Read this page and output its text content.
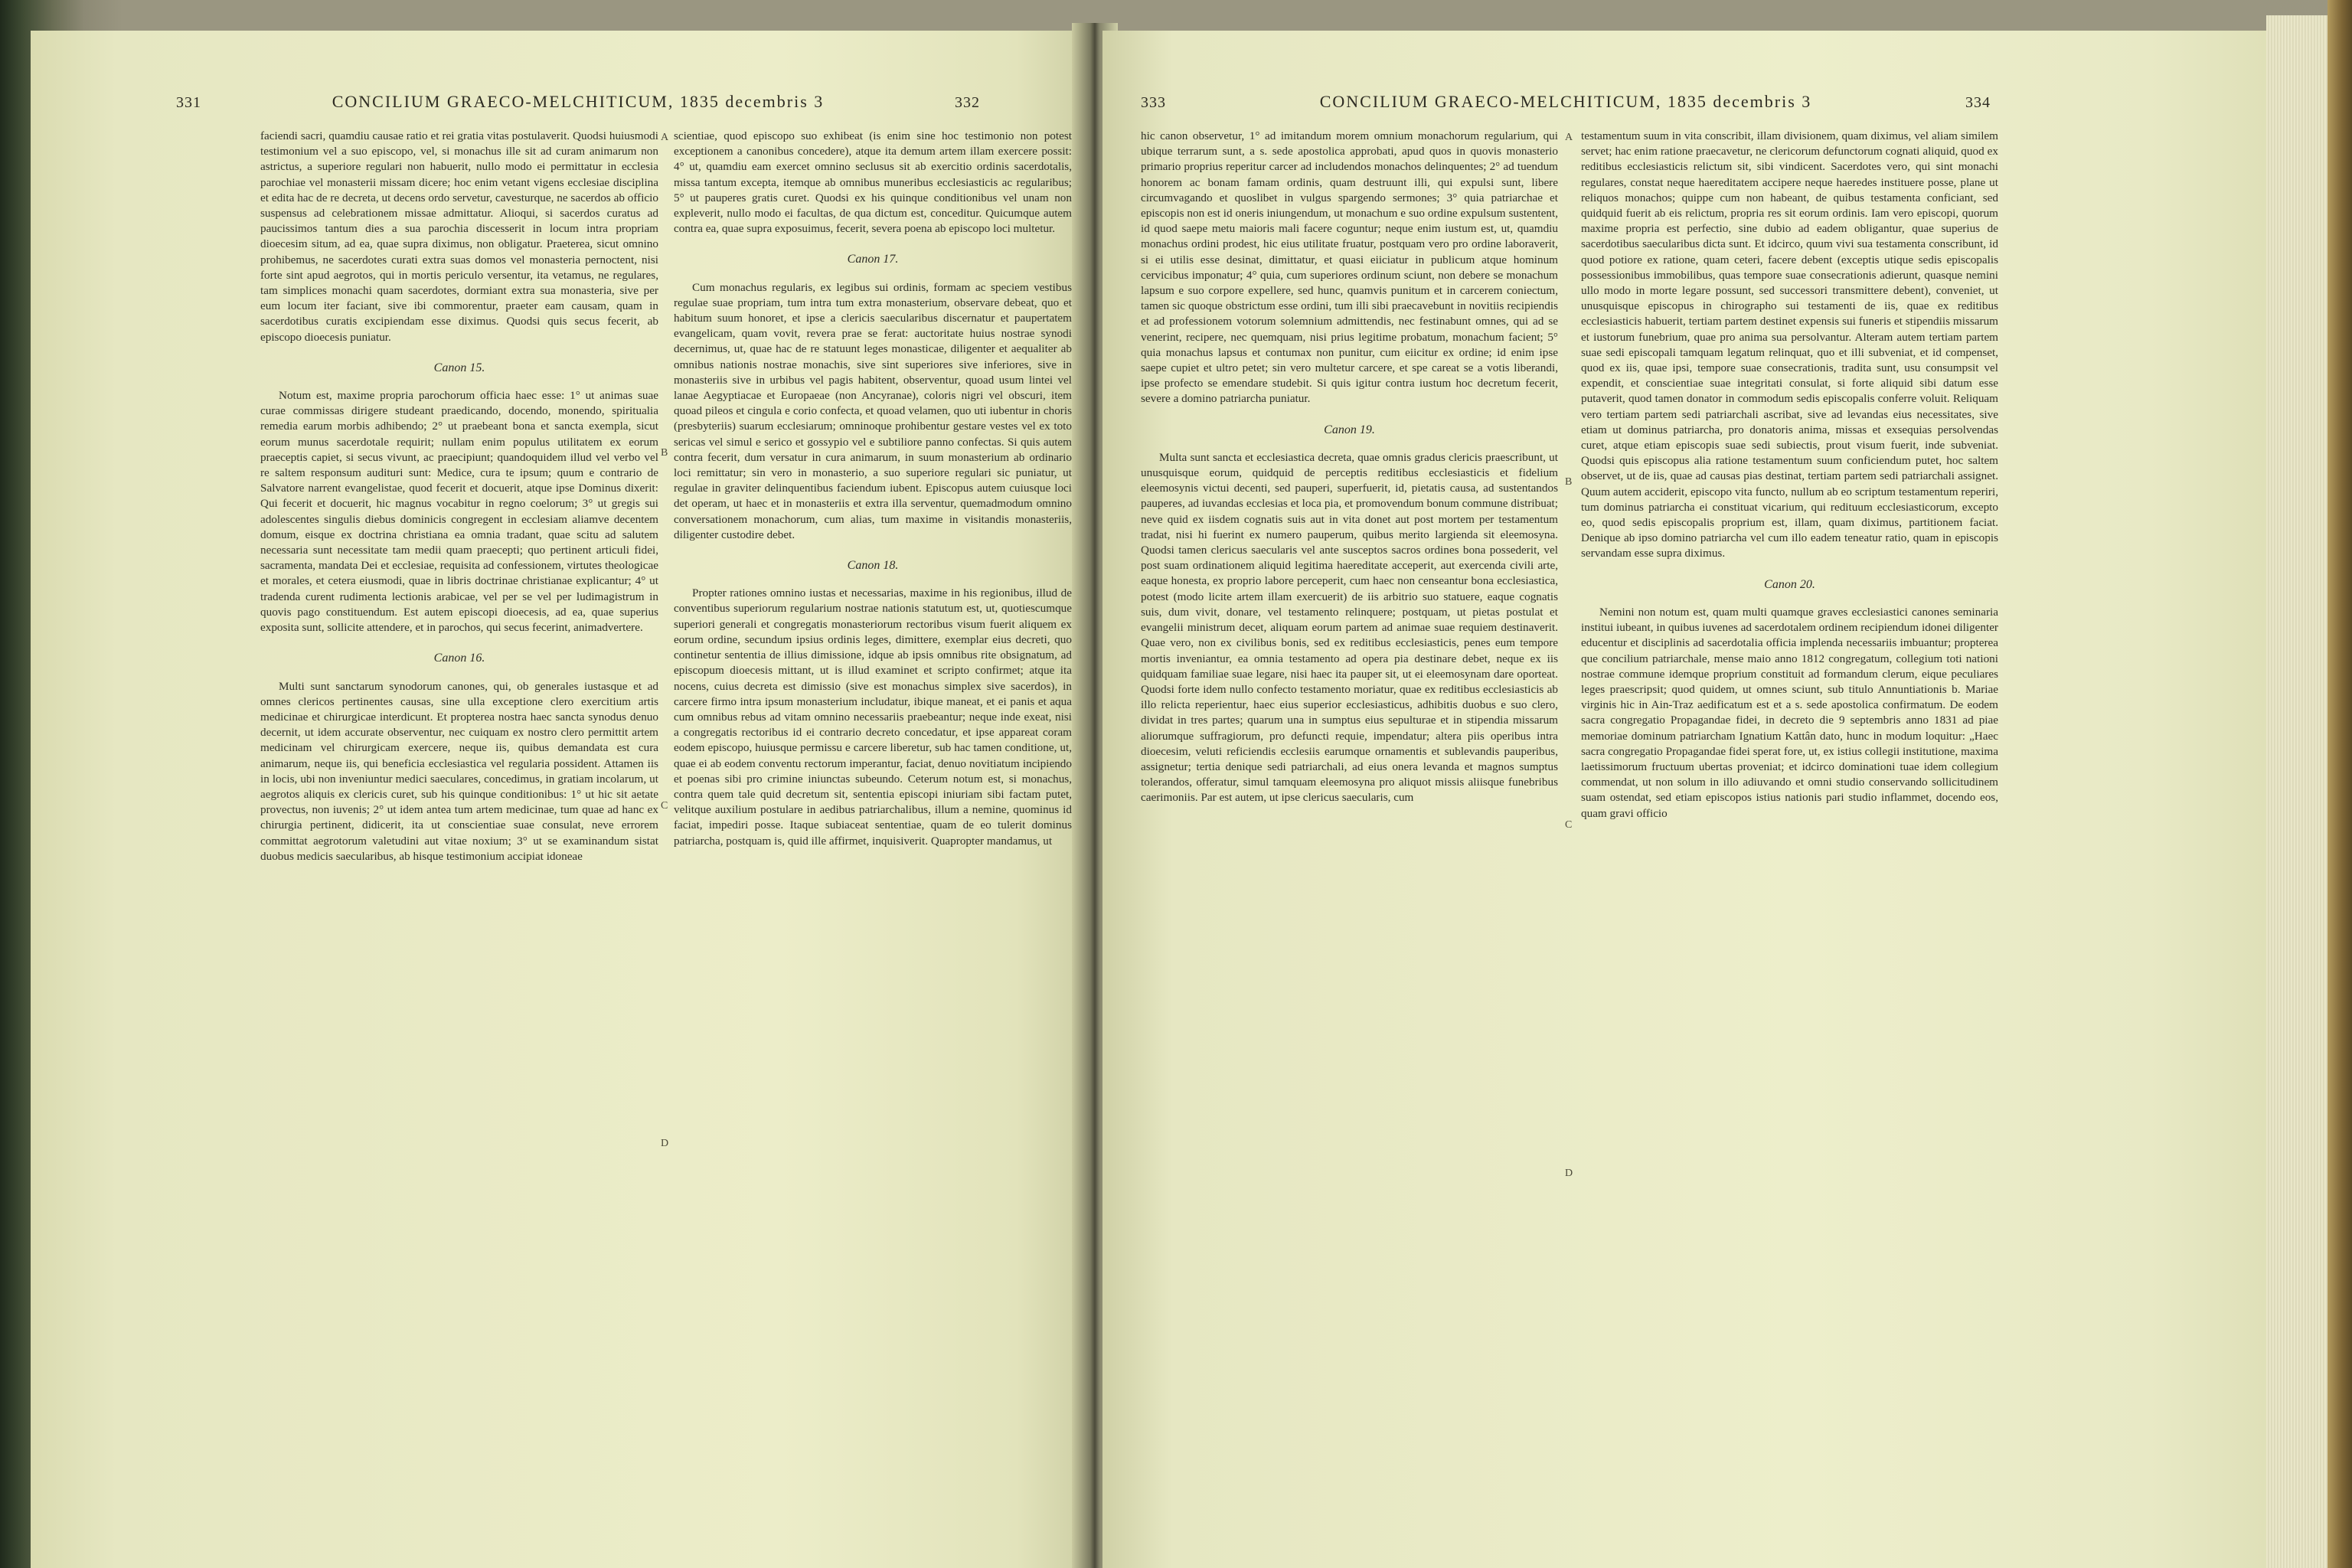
331	CONCILIUM GRAECO-MELCHITICUM, 1835 decembris 3	332

faciendi sacri, quamdiu causae ratio et rei gratia vitas postulaverit. Quodsi huiusmodi testimonium vel a suo episcopo, vel, si monachus ille sit ad curam animarum non astrictus, a superiore regulari non habuerit, nullo modo ei permittatur in ecclesia parochiae vel monasterii missam dicere; hoc enim vetant vigens ecclesiae disciplina et edita hac de re decreta, ut decens ordo servetur, cavesturque, ne sacerdos ab officio suspensus ad celebrationem missae admittatur. Alioqui, si sacerdos curatus ad paucissimos tantum dies a sua parochia discesserit in locum intra propriam dioecesim situm, ad ea, quae supra diximus, non obligatur. Praeterea, sicut omnino prohibemus, ne sacerdotes curati extra suas domos vel monasteria pernoctent, nisi forte sint apud aegrotos, qui in mortis periculo versentur, ita vetamus, ne regulares, tam simplices monachi quam sacerdotes, dormiant extra sua monasteria, sive per eum locum iter faciant, sive ibi commorentur, praeter eam causam, quam in sacerdotibus curatis excipiendam esse diximus. Quodsi quis secus fecerit, ab episcopo dioecesis puniatur.

Canon 15.

Notum est, maxime propria parochorum officia haec esse: 1° ut animas suae curae commissas dirigere studeant praedicando, docendo, monendo, spiritualia remedia earum morbis adhibendo; 2° ut praebeant bona et sancta exempla, sicut eorum munus sacerdotale requirit; nullam enim populus utilitatem ex eorum praeceptis capiet, si secus vivunt, ac praecipiunt; quandoquidem illud vel verbo vel re saltem responsum audituri sunt: Medice, cura te ipsum; quum e contrario de Salvatore narrent evangelistae, quod fecerit et docuerit, atque ipse Dominus dixerit: Qui fecerit et docuerit, hic magnus vocabitur in regno coelorum; 3° ut gregis sui adolescentes singulis diebus dominicis congregent in ecclesiam aliamve decentem domum, eisque ex doctrina christiana ea omnia tradant, quae scitu ad salutem necessaria sunt necessitate tam medii quam praecepti; quo pertinent articuli fidei, sacramenta, mandata Dei et ecclesiae, requisita ad confessionem, virtutes theologicae et morales, et cetera eiusmodi, quae in libris doctrinae christianae explicantur; 4° ut tradenda curent rudimenta lectionis arabicae, vel per se vel per ludimagistrum in quovis pago constituendum. Est autem episcopi dioecesis, ad ea, quae superius exposita sunt, sollicite attendere, et in parochos, qui secus fecerint, animadvertere.

Canon 16.

Multi sunt sanctarum synodorum canones, qui, ob generales iustasque et ad omnes clericos pertinentes causas, sine ulla exceptione clero exercitium artis medicinae et chirurgicae interdicunt. Et propterea nostra haec sancta synodus denuo decernit, ut idem accurate observentur, nec cuiquam ex nostro clero permittit artem medicinam vel chirurgicam exercere, neque iis, quibus demandata est cura animarum, neque iis, qui beneficia ecclesiastica vel regularia possident. Attamen iis in locis, ubi non inveniuntur medici saeculares, concedimus, in gratiam incolarum, ut aegrotos aliquis ex clericis curet, sub his quinque conditionibus: 1° ut hic sit aetate provectus, non iuvenis; 2° ut idem antea tum artem medicinae, tum quae ad hanc ex chirurgia pertinent, didicerit, ita ut conscientiae suae consulat, neve errorem committat aegrotorum valetudini aut vitae noxium; 3° ut se examinandum sistat duobus medicis saecularibus, ab hisque testimonium accipiat idoneae

scientiae, quod episcopo suo exhibeat (is enim sine hoc testimonio non potest exceptionem a canonibus concedere), atque ita demum artem illam exercere possit: 4° ut, quamdiu eam exercet omnino seclusus sit ab exercitio ordinis sacerdotalis, missa tantum excepta, itemque ab omnibus muneribus ecclesiasticis ac regularibus; 5° ut pauperes gratis curet. Quodsi ex his quinque conditionibus vel unam non expleverit, nullo modo ei facultas, de qua dictum est, conceditur. Quicumque autem contra ea, quae supra exposuimus, fecerit, severa poena ab episcopo loci multetur.

Canon 17.

Cum monachus regularis, ex legibus sui ordinis, formam ac speciem vestibus regulae suae propriam, tum intra tum extra monasterium, observare debeat, quo et habitum suum honoret, et ipse a clericis saecularibus discernatur et paupertatem evangelicam, quam vovit, revera prae se ferat: auctoritate huius nostrae synodi decernimus, ut, quae hac de re statuunt leges monasticae, diligenter et aequaliter ab omnibus nationis nostrae monachis, sive sint superiores sive inferiores, sive in monasteriis sive in urbibus vel pagis habitent, observentur, quoad usum lintei vel lanae Aegyptiacae et Europaeae (non Ancyranae), coloris nigri vel obscuri, item quoad pileos et cingula e corio confecta, et quoad velamen, quo uti iubentur in choris (presbyteriis) suarum ecclesiarum; omninoque prohibentur gestare vestes vel ex toto sericas vel simul e serico et gossypio vel e subtiliore panno confectas. Si quis autem contra fecerit, dum versatur in cura animarum, in suum monasterium ab ordinario loci remittatur; sin vero in monasterio, a suo superiore regulari sic puniatur, ut regulae in graviter delinquentibus faciendum iubent. Episcopus autem cuiusque loci det operam, ut haec et in monasteriis et extra illa serventur, quemadmodum omnino conversationem monachorum, cum alias, tum maxime in visitandis monasteriis, diligenter custodire debet.

Canon 18.

Propter rationes omnino iustas et necessarias, maxime in his regionibus, illud de conventibus superiorum regularium nostrae nationis statutum est, ut, quotiescumque superiori generali et congregatis monasteriorum rectoribus visum fuerit aliquem ex eorum ordine, secundum ipsius ordinis leges, dimittere, exemplar eius decreti, quo continetur sententia de illius dimissione, idque ab ipsis omnibus rite obsignatum, ad episcopum dioecesis mittant, ut is illud examinet et scripto confirmet; atque ita nocens, cuius decreta est dimissio (sive est monachus simplex sive sacerdos), in carcere firmo intra ipsum monasterium includatur, ibique maneat, et ei panis et aqua cum omnibus rebus ad vitam omnino necessariis praebeantur; neque inde exeat, nisi a congregatis rectoribus id ei contrario decreto concedatur, et ipse appareat coram eodem episcopo, huiusque permissu e carcere liberetur, sub hac tamen conditione, ut, quae ei ab eodem conventu rectorum imperantur, faciat, denuo novitiatum incipiendo et poenas sibi pro crimine iniunctas subeundo. Ceterum notum est, si monachus, contra quem tale quid decretum sit, sententia episcopi iniuriam sibi factam putet, velitque auxilium postulare in aedibus patriarchalibus, illum a nemine, quominus id faciat, impediri posse. Itaque subiaceat sententiae, quam de eo tulerit dominus patriarcha, postquam is, quid ille affirmet, inquisiverit. Quapropter mandamus, ut

A
B
C
D
333	CONCILIUM GRAECO-MELCHITICUM, 1835 decembris 3	334

hic canon observetur, 1° ad imitandum morem omnium monachorum regularium, qui ubique terrarum sunt, a s. sede apostolica approbati, apud quos in quovis monasterio primario proprius reperitur carcer ad includendos monachos delinquentes; 2° ad tuendum honorem ac bonam famam ordinis, quam destruunt illi, qui expulsi sunt, libere circumvagando et quoslibet in vulgus spargendo sermones; 3° quia patriarchae et episcopis non est id oneris iniungendum, ut monachum e suo ordine expulsum sustentent, id quod saepe metu maioris mali facere coguntur; neque enim iustum est, ut, quamdiu monachus ordini prodest, hic eius utilitate fruatur, postquam vero pro ordine laboraverit, si ei utilis esse desinat, dimittatur, et quasi eiiciatur in publicum atque hominum cervicibus imponatur; 4° quia, cum superiores ordinum sciunt, non debere se monachum lapsum e suo corpore expellere, sed hunc, quamvis punitum et in carcerem coniectum, tamen sic quoque obstrictum esse ordini, tum illi sibi praecavebunt in novitiis recipiendis et ad professionem votorum solemnium admittendis, nec festinabunt omnes, qui ad se venerint, recipere, nec quemquam, nisi prius legitime probatum, monachum facient; 5° quia monachus lapsus et contumax non punitur, cum eiicitur ex ordine; id enim ipse saepe cupiet et ultro petet; sin vero multetur carcere, et spe careat se a votis liberandi, ipse profecto se emendare studebit. Si quis igitur contra iustum hoc decretum fecerit, severe a domino patriarcha puniatur.

Canon 19.

Multa sunt sancta et ecclesiastica decreta, quae omnis gradus clericis praescribunt, ut unusquisque eorum, quidquid de perceptis reditibus ecclesiasticis et fidelium eleemosynis victui decenti, sed pauperi, superfuerit, id, pietatis causa, ad sustentandos pauperes, ad iuvandas ecclesias et loca pia, et promovendum bonum commune distribuat; neve quid ex iisdem cognatis suis aut in vita donet aut post mortem per testamentum tradat, nisi hi fuerint ex numero pauperum, quibus merito largienda sit eleemosyna. Quodsi tamen clericus saecularis vel ante susceptos sacros ordines bona possederit, vel post suam ordinationem aliquid legitima haereditate acceperit, aut exercenda civili arte, eaque honesta, ex proprio labore perceperit, cum haec non censeantur bona ecclesiastica, potest (modo licite artem illam exercuerit) de iis arbitrio suo statuere, eaque cognatis suis, dum vivit, donare, vel testamento relinquere; postquam, ut pietas postulat et evangelii ministrum decet, aliquam eorum partem ad animae suae requiem destinaverit. Quae vero, non ex civilibus bonis, sed ex reditibus ecclesiasticis, penes eum tempore mortis inveniantur, ea omnia testamento ad opera pia destinare debet, neque ex iis quidquam familiae suae legare, nisi haec ita pauper sit, ut ei eleemosynam dare oporteat. Quodsi forte idem nullo confecto testamento moriatur, quae ex reditibus ecclesiasticis ab illo relicta reperientur, haec eius superior ecclesiasticus, adhibitis duobus e suo clero, dividat in tres partes; quarum una in sumptus eius sepulturae et in stipendia missarum aliorumque suffragiorum, pro defuncti requie, impendatur; altera piis operibus intra dioecesim, veluti reficiendis ecclesiis earumque ornamentis et sublevandis pauperibus, assignetur; tertia denique sedi patriarchali, ad eius onera levanda et magnos sumptus tolerandos, offeratur, simul tamquam eleemosyna pro aliquot missis aliisque funebribus caerimoniis. Par est autem, ut ipse clericus saecularis, cum

testamentum suum in vita conscribit, illam divisionem, quam diximus, vel aliam similem servet; hac enim ratione praecavetur, ne clericorum defunctorum cognati aliquid, quod ex reditibus ecclesiasticis relictum sit, sibi vindicent. Sacerdotes vero, qui sint monachi regulares, constat neque haereditatem accipere neque haeredes instituere posse, plane ut reliquos monachos; quippe cum non habeant, de quibus testamenta conficiant, sed quidquid fuerit ab eis relictum, propria res sit eorum ordinis. Iam vero episcopi, quorum maxime propria est perfectio, sine dubio ad eadem obligantur, quae superius de sacerdotibus saecularibus dicta sunt. Et idcirco, quum vivi sua testamenta conscribunt, id quod potiore ex ratione, quam ceteri, facere debent (exceptis utique sedis episcopalis possessionibus immobilibus, quas tempore suae consecrationis adierunt, quasque nemini ullo modo in morte legare possunt, sed successori transmittere debent), conveniet, ut unusquisque episcopus in chirographo sui testamenti de iis, quae ex reditibus ecclesiasticis habuerit, tertiam partem destinet expensis sui funeris et stipendiis missarum et iustorum funebrium, quae pro anima sua persolvantur. Alteram autem tertiam partem suae sedi episcopali tamquam legatum relinquat, quo et illi subveniat, et id compenset, quod ex iis, quae ipsi, tempore suae consecrationis, tradita sunt, usu consumpsit vel expendit, et conscientiae suae integritati consulat, si forte aliquid sibi datum esse putaverit, quod tamen donator in commodum sedis episcopalis conferre voluit. Reliquam vero tertiam partem sedi patriarchali ascribat, sive ad levandas eius necessitates, sive etiam ut dominus patriarcha, pro donatoris anima, missas et exsequias persolvendas curet, atque etiam episcopis suae sedi subiectis, prout visum fuerit, inde subveniat. Quodsi quis episcopus alia ratione testamentum suum conficiendum putet, hoc saltem observet, ut de iis, quae ad causas pias destinat, tertiam partem sedi patriarchali assignet. Quum autem acciderit, episcopo vita functo, nullum ab eo scriptum testamentum reperiri, tum dominus patriarcha ei constituat vicarium, qui redituum ecclesiasticorum, excepto eo, quod sedis episcopalis proprium est, illam, quam diximus, partitionem faciat. Denique ab ipso domino patriarcha vel cum illo eadem teneatur ratio, quam in episcopis servandam esse supra diximus.

Canon 20.

Nemini non notum est, quam multi quamque graves ecclesiastici canones seminaria institui iubeant, in quibus iuvenes ad sacerdotalem ordinem recipiendum idonei diligenter educentur et disciplinis ad sacerdotalia officia implenda necessariis imbuantur; propterea que concilium patriarchale, mense maio anno 1812 congregatum, collegium toti nationi nostrae commune idemque proprium constituit ad formandum clerum, eique peculiares leges praescripsit; quod quidem, ut omnes sciunt, sub titulo Annuntiationis b. Mariae virginis hic in Ain-Traz aedificatum est et a s. sede apostolica confirmatum. De eodem sacra congregatio Propagandae fidei, in decreto die 9 septembris anno 1831 ad piae memoriae dominum patriarcham Ignatium Kattân dato, hunc in modum loquitur: „Haec sacra congregatio Propagandae fidei sperat fore, ut, ex istius collegii institutione, maxima laetissimorum fructuum ubertas proveniat; et idcirco dominationi tuae idem collegium commendat, ut non solum in illo adiuvando et omni studio conservando sollicitudinem suam ostendat, sed etiam episcopos istius nationis pari studio inflammet, docendo eos, quam gravi officio

A
B
C
D
